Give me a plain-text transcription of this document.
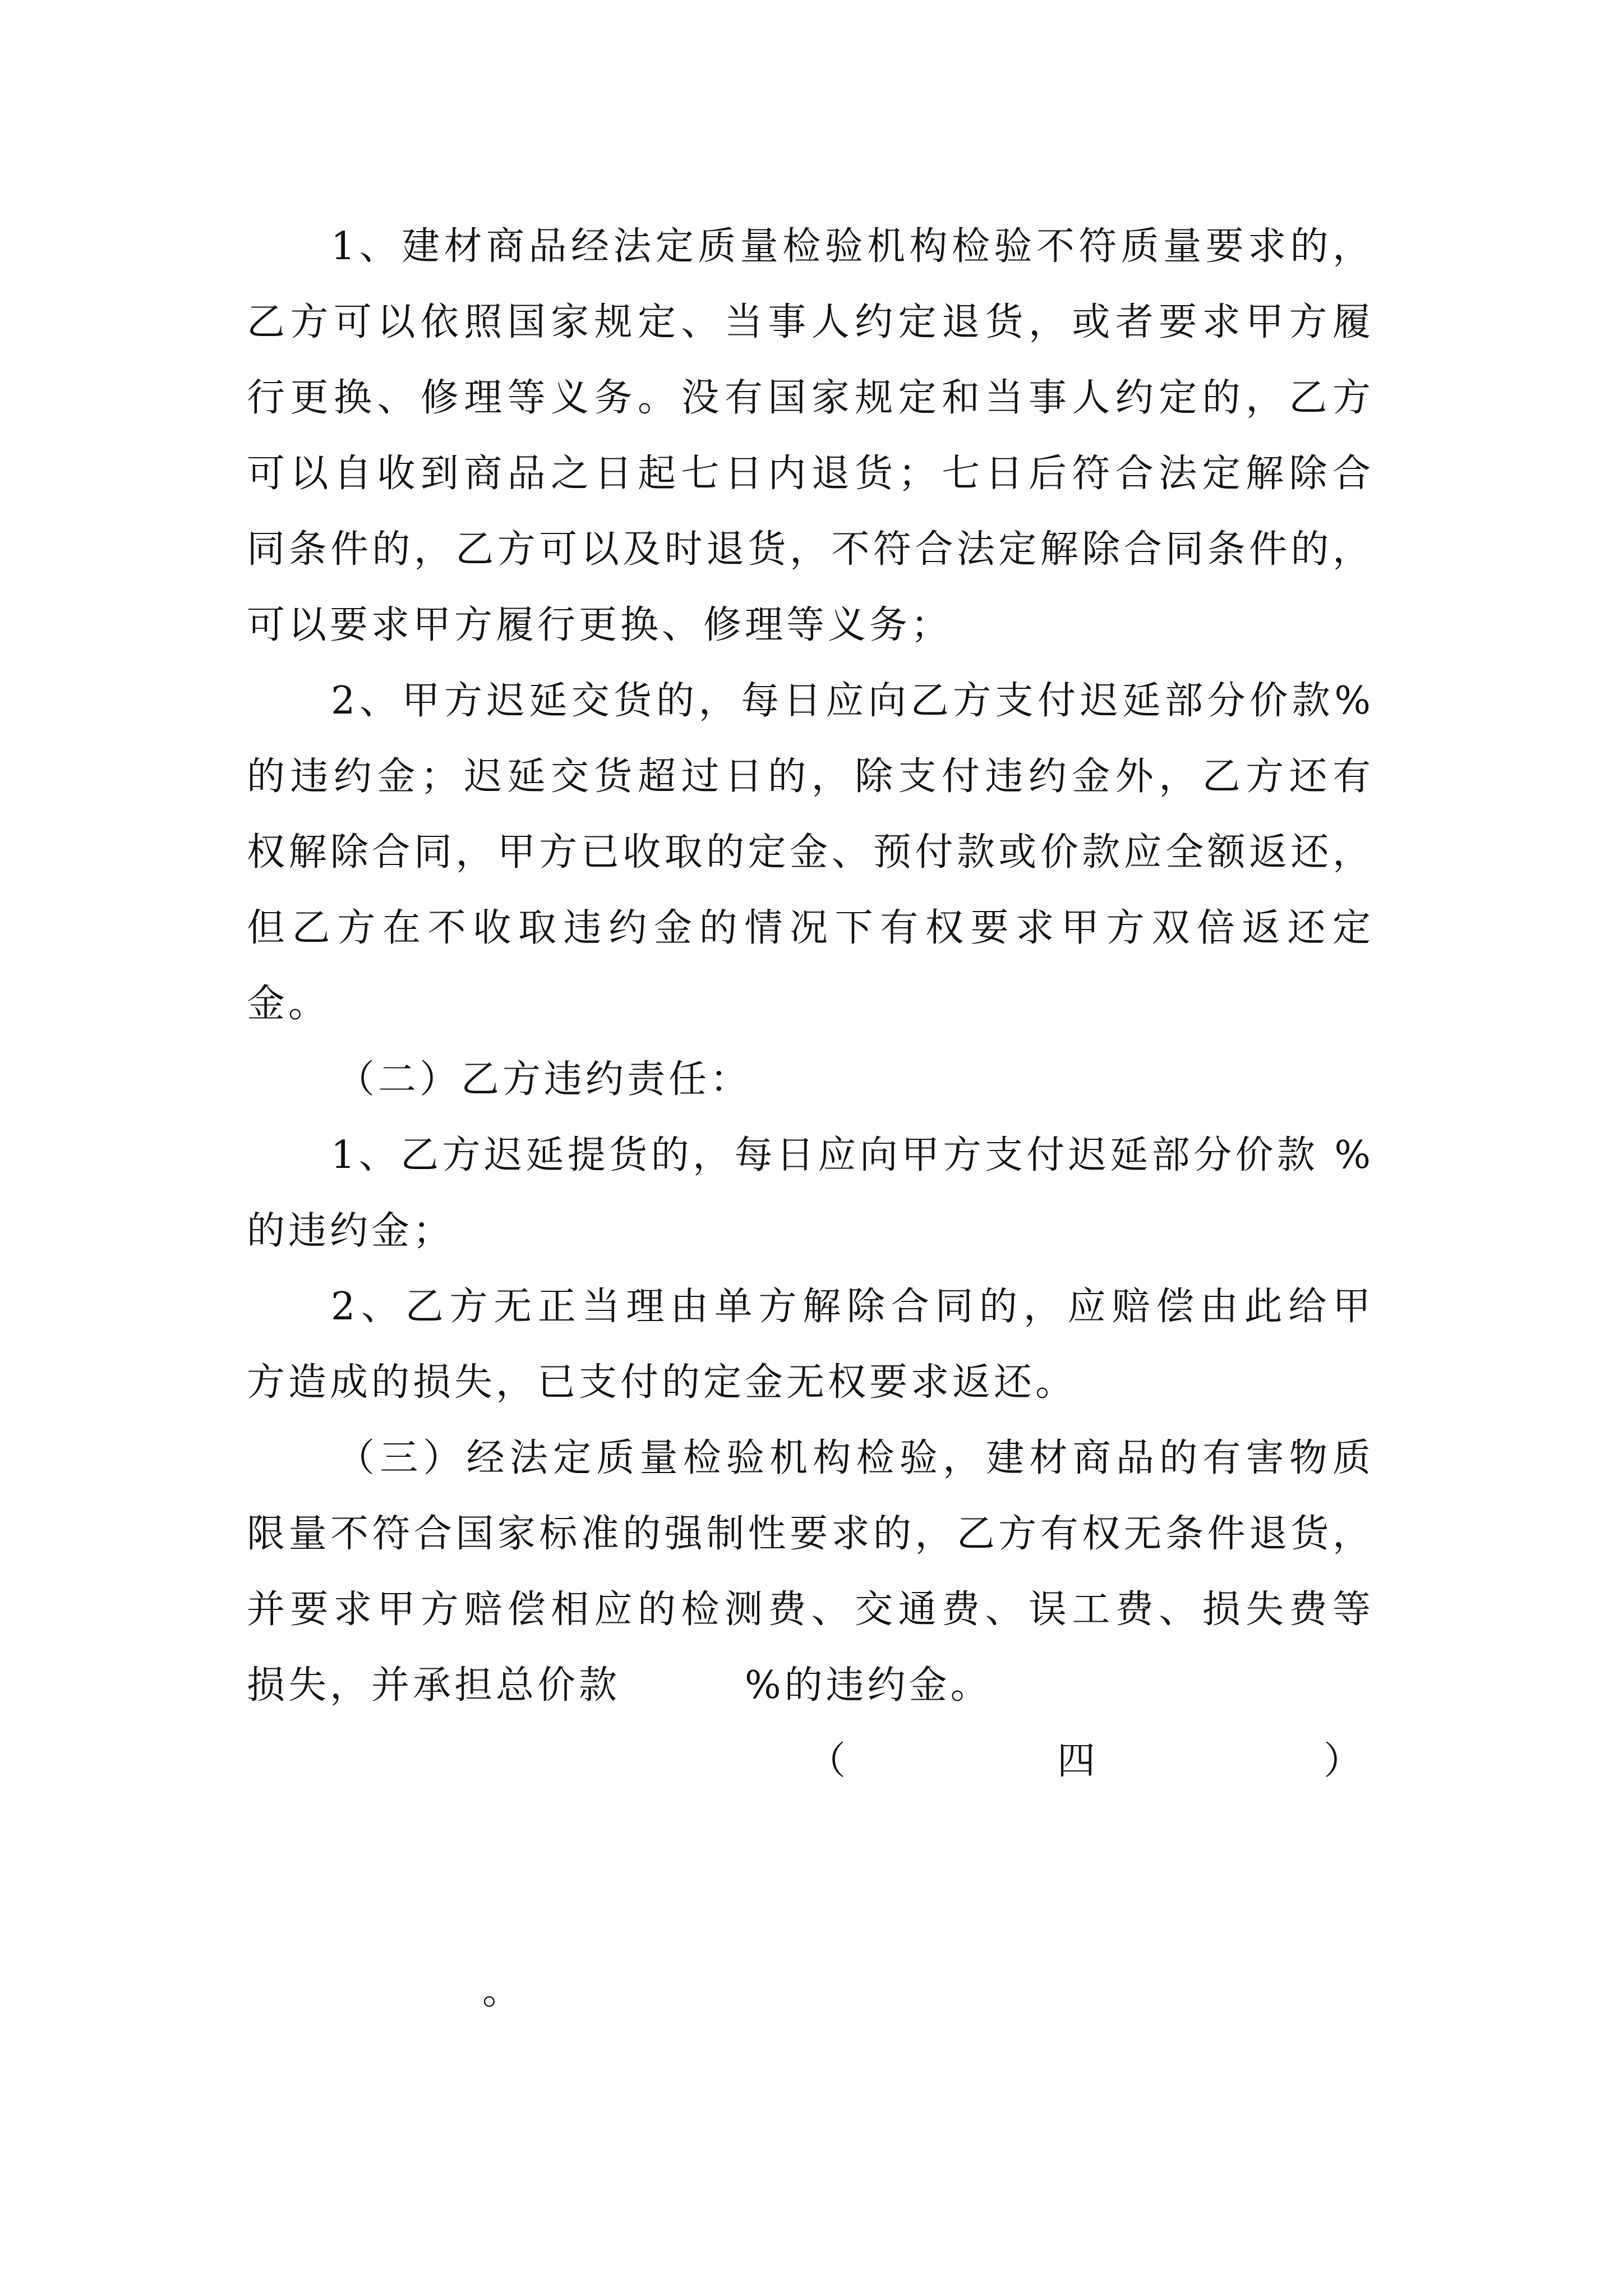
1、建材商品经法定质量检验机构检验不符质量要求的，
乙方可以依照国家规定、当事人约定退货，或者要求甲方履
行更换、修理等义务。没有国家规定和当事人约定的，乙方
可以自收到商品之日起七日内退货；七日后符合法定解除合
同条件的，乙方可以及时退货，不符合法定解除合同条件的，
可以要求甲方履行更换、修理等义务；
2、甲方迟延交货的，每日应向乙方支付迟延部分价款%
的违约金；迟延交货超过日的，除支付违约金外，乙方还有
权解除合同，甲方已收取的定金、预付款或价款应全额返还，
但乙方在不收取违约金的情况下有权要求甲方双倍返还定
金。
（二）乙方违约责任：
1、乙方迟延提货的，每日应向甲方支付迟延部分价款 %
的违约金；
2、乙方无正当理由单方解除合同的，应赔偿由此给甲
方造成的损失，已支付的定金无权要求返还。
（三）经法定质量检验机构检验，建材商品的有害物质
限量不符合国家标准的强制性要求的，乙方有权无条件退货，
并要求甲方赔偿相应的检测费、交通费、误工费、损失费等
损失，并承担总价款　　　%的违约金。
（	四	）
。
